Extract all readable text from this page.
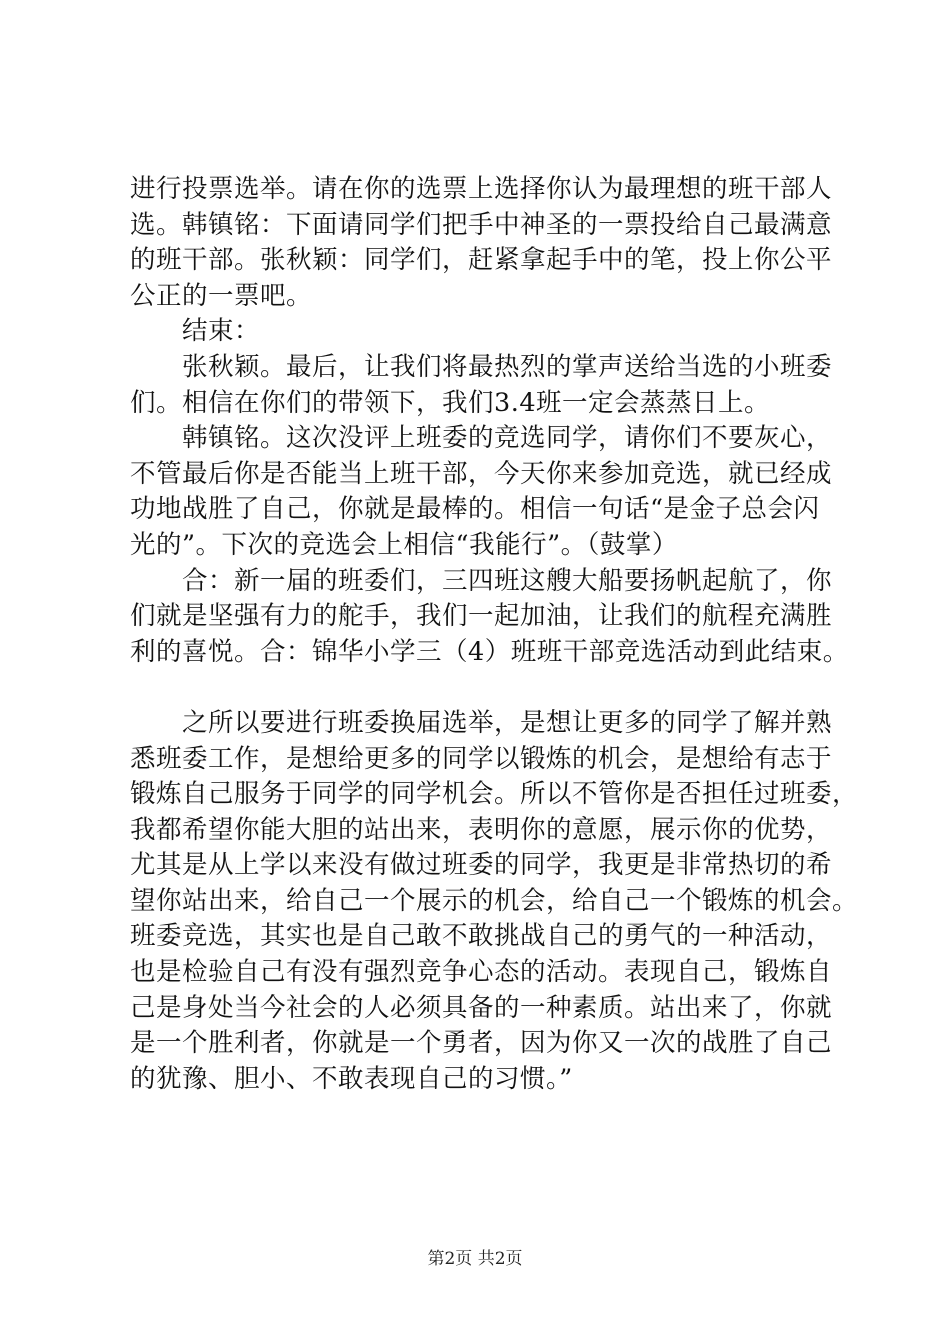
进行投票选举。请在你的选票上选择你认为最理想的班干部人
选。韩镇铭：下面请同学们把手中神圣的一票投给自己最满意
的班干部。张秋颖：同学们，赶紧拿起手中的笔，投上你公平
公正的一票吧。
结束：
张秋颖。最后，让我们将最热烈的掌声送给当选的小班委
们。相信在你们的带领下，我们3.4班一定会蒸蒸日上。
韩镇铭。这次没评上班委的竞选同学，请你们不要灰心，
不管最后你是否能当上班干部，今天你来参加竞选，就已经成
功地战胜了自己，你就是最棒的。相信一句话“是金子总会闪
光的”。下次的竞选会上相信“我能行”。（鼓掌）
合：新一届的班委们，三四班这艘大船要扬帆起航了，你
们就是坚强有力的舵手，我们一起加油，让我们的航程充满胜
利的喜悦。合：锦华小学三（4）班班干部竞选活动到此结束。
之所以要进行班委换届选举，是想让更多的同学了解并熟
悉班委工作，是想给更多的同学以锻炼的机会，是想给有志于
锻炼自己服务于同学的同学机会。所以不管你是否担任过班委，
我都希望你能大胆的站出来，表明你的意愿，展示你的优势，
尤其是从上学以来没有做过班委的同学，我更是非常热切的希
望你站出来，给自己一个展示的机会，给自己一个锻炼的机会。
班委竞选，其实也是自己敢不敢挑战自己的勇气的一种活动，
也是检验自己有没有强烈竞争心态的活动。表现自己，锻炼自
己是身处当今社会的人必须具备的一种素质。站出来了，你就
是一个胜利者，你就是一个勇者，因为你又一次的战胜了自己
的犹豫、胆小、不敢表现自己的习惯。”
第2页 共2页
